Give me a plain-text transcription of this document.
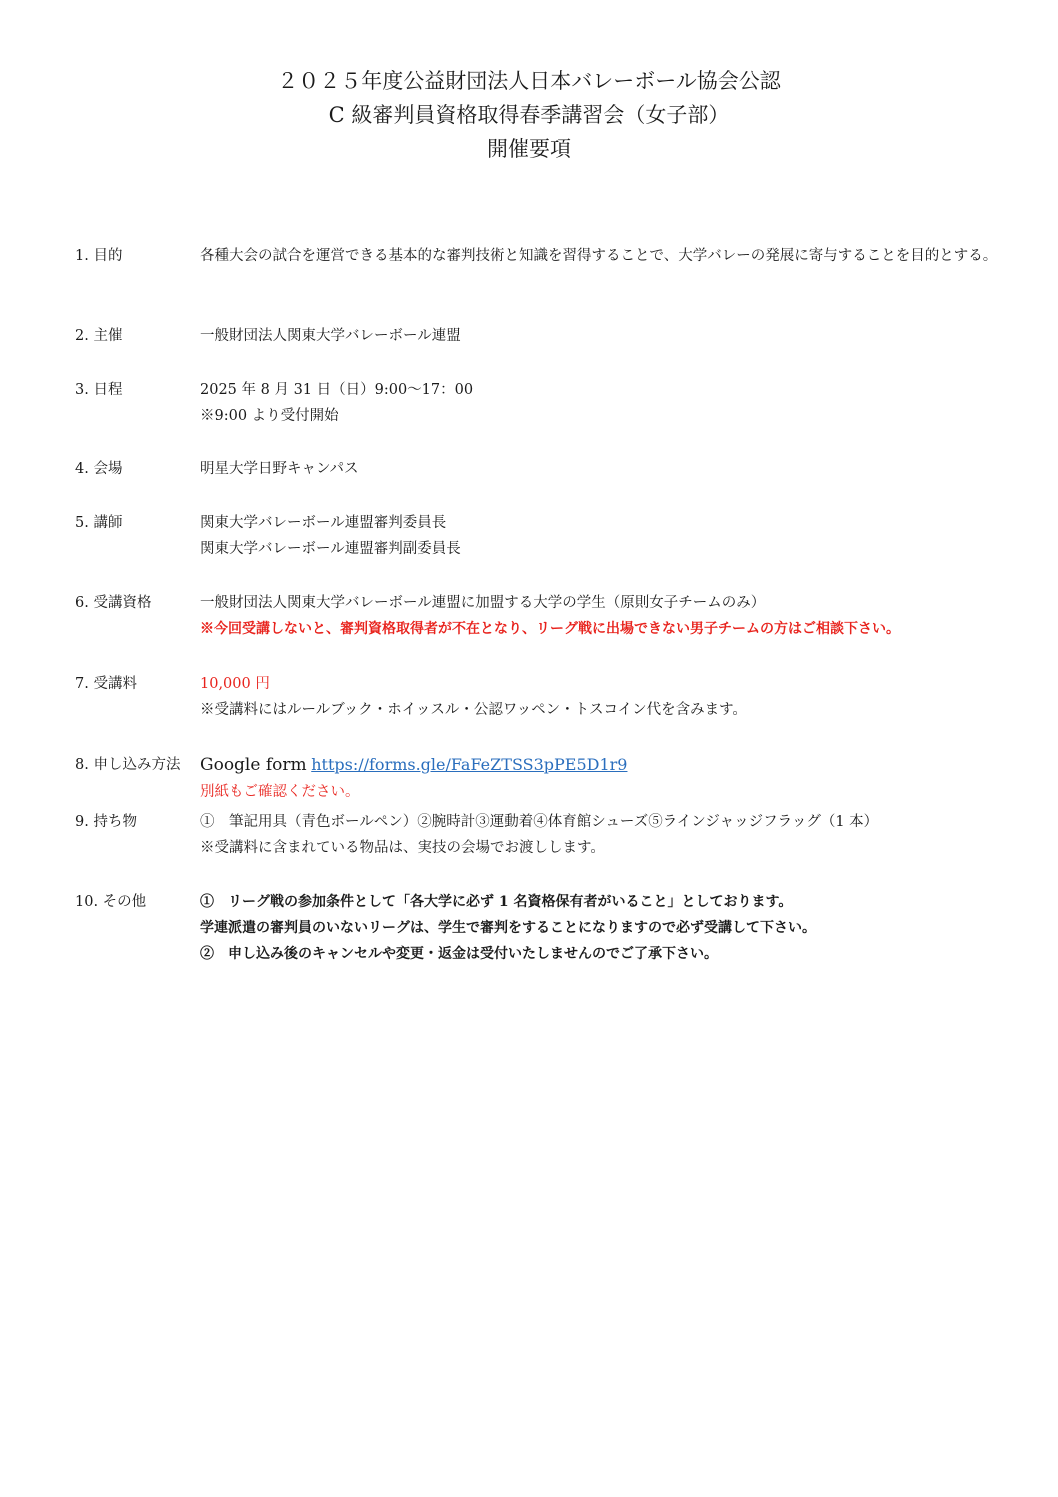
２０２５年度公益財団法人日本バレーボール協会公認
C 級審判員資格取得春季講習会（女子部）
開催要項
1. 目的	各種大会の試合を運営できる基本的な審判技術と知識を習得することで、大学バレーの発展に寄与することを目的とする。
2. 主催	一般財団法人関東大学バレーボール連盟
3. 日程	2025 年 8 月 31 日（日）9:00〜17：00
※9:00 より受付開始
4. 会場	明星大学日野キャンパス
5. 講師	関東大学バレーボール連盟審判委員長
関東大学バレーボール連盟審判副委員長
6. 受講資格	一般財団法人関東大学バレーボール連盟に加盟する大学の学生（原則女子チームのみ）
※今回受講しないと、審判資格取得者が不在となり、リーグ戦に出場できない男子チームの方はご相談下さい。
7. 受講料	10,000 円
※受講料にはルールブック・ホイッスル・公認ワッペン・トスコイン代を含みます。
8. 申し込み方法 Google form https://forms.gle/FaFeZTSS3pPE5D1r9
別紙もご確認ください。
9. 持ち物	①　筆記用具（青色ボールペン）②腕時計③運動着④体育館シューズ⑤ラインジャッジフラッグ（1 本）
※受講料に含まれている物品は、実技の会場でお渡しします。
10. その他	①　リーグ戦の参加条件として「各大学に必ず 1 名資格保有者がいること」としております。
学連派遣の審判員のいないリーグは、学生で審判をすることになりますので必ず受講して下さい。
②　申し込み後のキャンセルや変更・返金は受付いたしませんのでご了承下さい。
